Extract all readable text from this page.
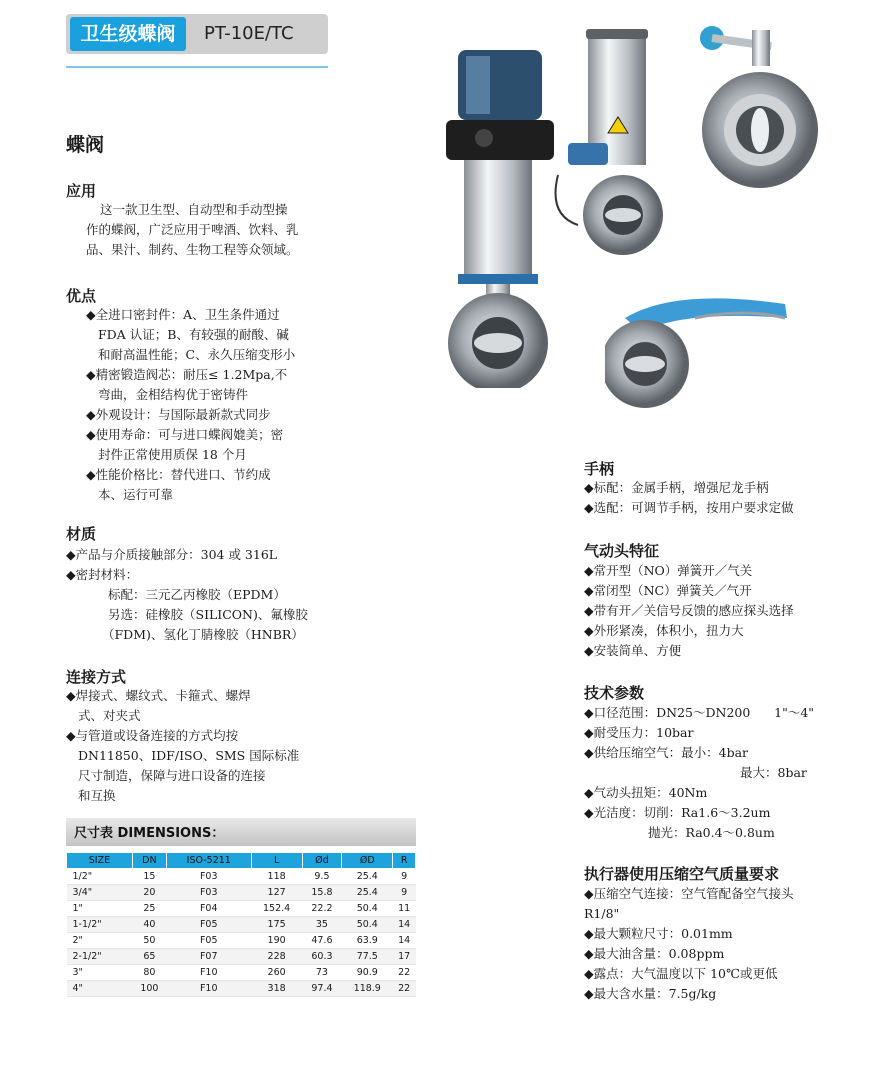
卫生级蝶阀	PT-10E/TC
蝶阀
应用
这一款卫生型、自动型和手动型操
作的蝶阀，广泛应用于啤酒、饮料、乳
品、果汁、制药、生物工程等众领域。
优点
◆全进口密封件：A、卫生条件通过
FDA 认证；B、有较强的耐酸、碱
和耐高温性能；C、永久压缩变形小
◆精密锻造阀芯：耐压≤ 1.2Mpa,不
弯曲，金相结构优于密铸件
◆外观设计：与国际最新款式同步
◆使用寿命：可与进口蝶阀媲美；密
封件正常使用质保 18 个月
◆性能价格比：替代进口、节约成
本、运行可靠
材质
◆产品与介质接触部分：304 或 316L
◆密封材料：
标配：三元乙丙橡胶（EPDM）
另选：硅橡胶（SILICON)、氟橡胶
（FDM)、氢化丁腈橡胶（HNBR）
连接方式
◆焊接式、螺纹式、卡箍式、螺焊
式、对夹式
◆与管道或设备连接的方式均按
DN11850、IDF/ISO、SMS 国际标准
尺寸制造，保障与进口设备的连接
和互换
尺寸表 DIMENSIONS：
SIZE	DN	ISO-5211	L	Ød	ØD	R
1/2"	15	F03	118	9.5	25.4	9
3/4"	20	F03	127	15.8	25.4	9
1"	25	F04	152.4	22.2	50.4	11
1-1/2"	40	F05	175	35	50.4	14
2"	50	F05	190	47.6	63.9	14
2-1/2"	65	F07	228	60.3	77.5	17
3"	80	F10	260	73	90.9	22
4"	100	F10	318	97.4	118.9	22
手柄
◆标配：金属手柄，增强尼龙手柄
◆选配：可调节手柄，按用户要求定做
气动头特征
◆常开型（NO）弹簧开／气关
◆常闭型（NC）弹簧关／气开
◆带有开／关信号反馈的感应探头选择
◆外形紧凑，体积小，扭力大
◆安装简单、方便
技术参数
◆口径范围：DN25～DN200      1"～4"
◆耐受压力：10bar
◆供给压缩空气：最小：4bar
最大：8bar
◆气动头扭矩：40Nm
◆光洁度：切削：Ra1.6～3.2um
抛光：Ra0.4～0.8um
执行器使用压缩空气质量要求
◆压缩空气连接：空气管配备空气接头
R1/8"
◆最大颗粒尺寸：0.01mm
◆最大油含量：0.08ppm
◆露点：大气温度以下 10℃或更低
◆最大含水量：7.5g/kg
